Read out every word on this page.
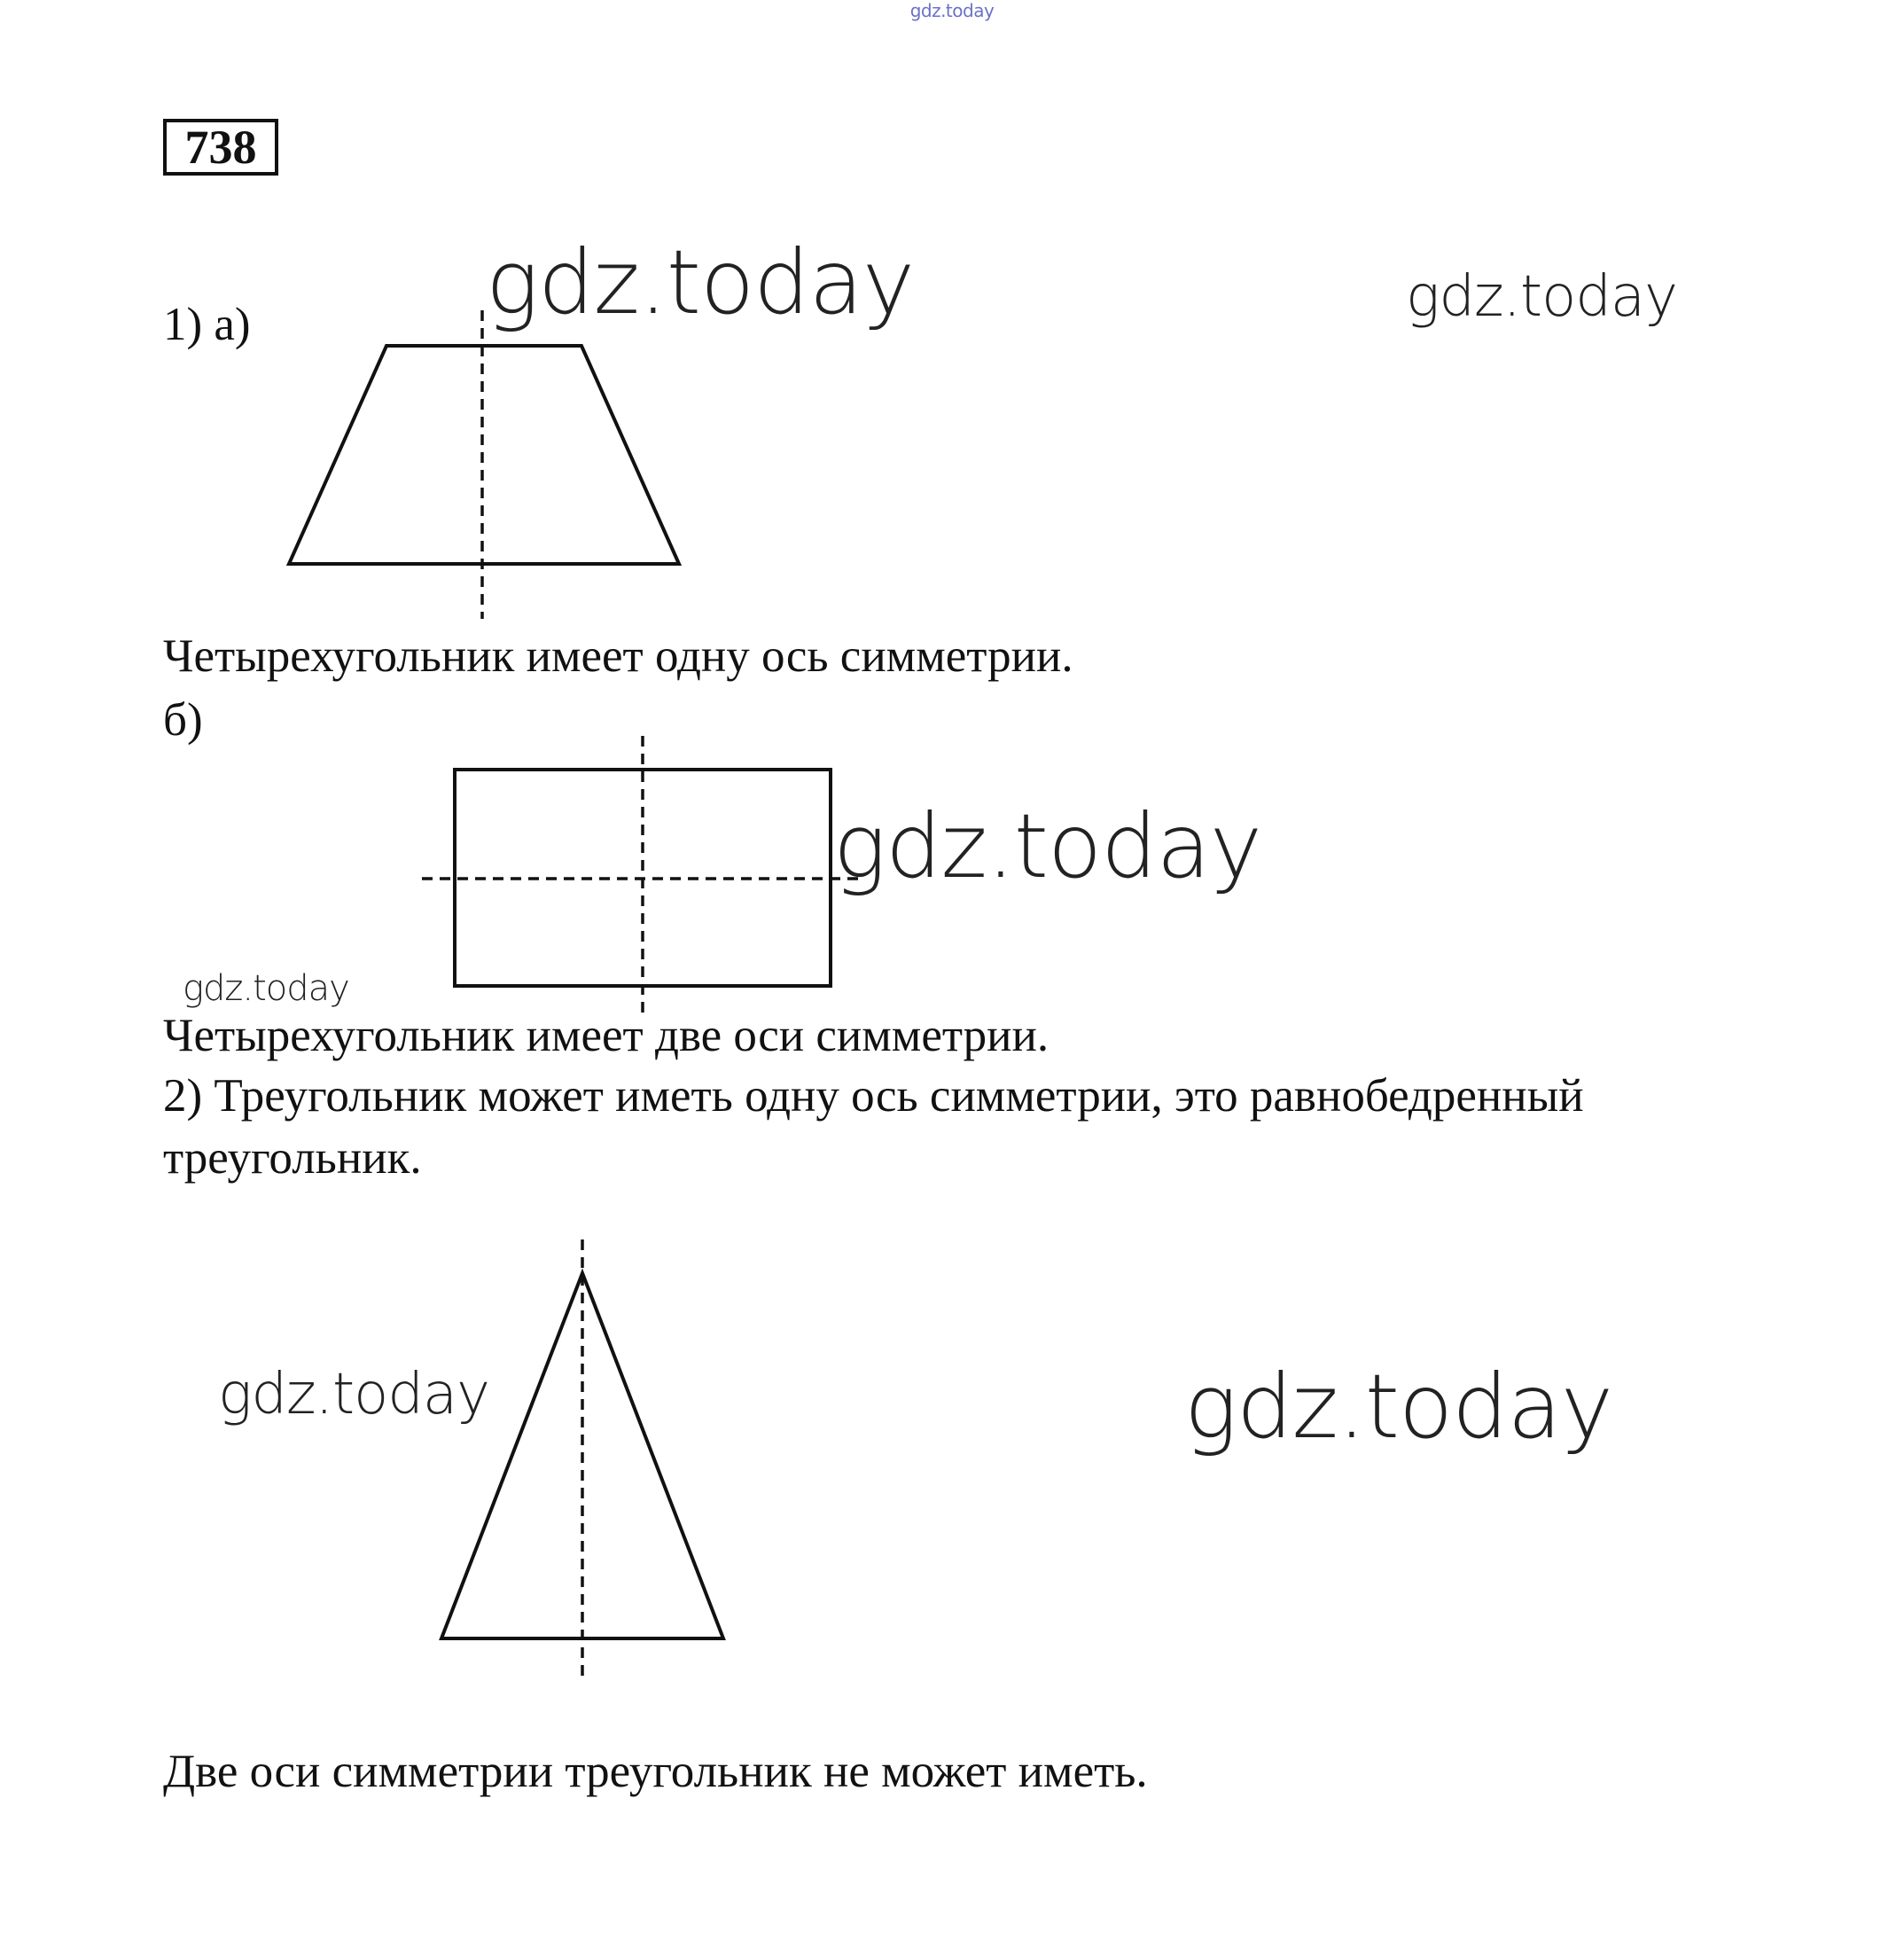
gdz.today
738
1) а)
Четырехугольник имеет одну ось симметрии.
б)
Четырехугольник имеет две оси симметрии.
2) Треугольник может иметь одну ось симметрии, это равнобедренный
треугольник.
Две оси симметрии треугольник не может иметь.
gdz.today	gdz.today
gdz.today
gdz.today
gdz.today	gdz.today
